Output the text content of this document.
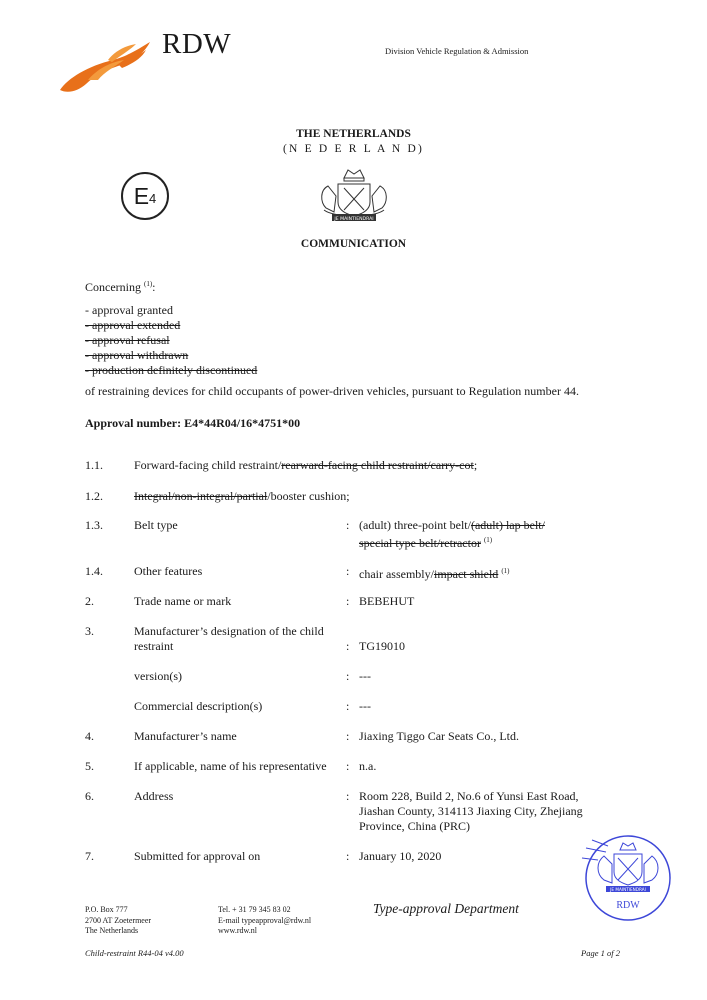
RDW	Division Vehicle Regulation & Admission
THE NETHERLANDS
(N E D E R L A N D)
$E_4$
JE MAINTIENDRAI
COMMUNICATION
Concerning $^{(1)}$:
- approval granted
- approval extended
- approval refusal
- approval withdrawn
- production definitely discontinued
of restraining devices for child occupants of power-driven vehicles, pursuant to Regulation number 44.
Approval number: E4*44R04/16*4751*00
1.1.	Forward-facing child restraint/rearward-facing child restraint/carry-cot;
1.2.	Integral/non-integral/partial/booster cushion;
1.3.	Belt type	: (adult) three-point belt/(adult) lap belt/
special type belt/retractor $^{(1)}$
1.4.	Other features	: chair assembly/impact shield $^{(1)}$
2.	Trade name or mark	: BEBEHUT
3.	Manufacturer’s designation of the child
restraint	: TG19010
version(s)	: ---
Commercial description(s)	: ---
4.	Manufacturer’s name	: Jiaxing Tiggo Car Seats Co., Ltd.
5.	If applicable, name of his representative : n.a.
6.	Address	: Room 228, Build 2, No.6 of Yunsi East Road,
Jiashan County, 314113 Jiaxing City, Zhejiang
Province, China (PRC)
7.	Submitted for approval on	: January 10, 2020
JE MAINTIENDRAI
RDW
P.O. Box 777
2700 AT Zoetermeer
The Netherlands
Tel. + 31 79 345 83 02
E-mail typeapproval@rdw.nl
www.rdw.nl
Type-approval Department
Child-restraint R44-04 v4.00	Page 1 of 2
